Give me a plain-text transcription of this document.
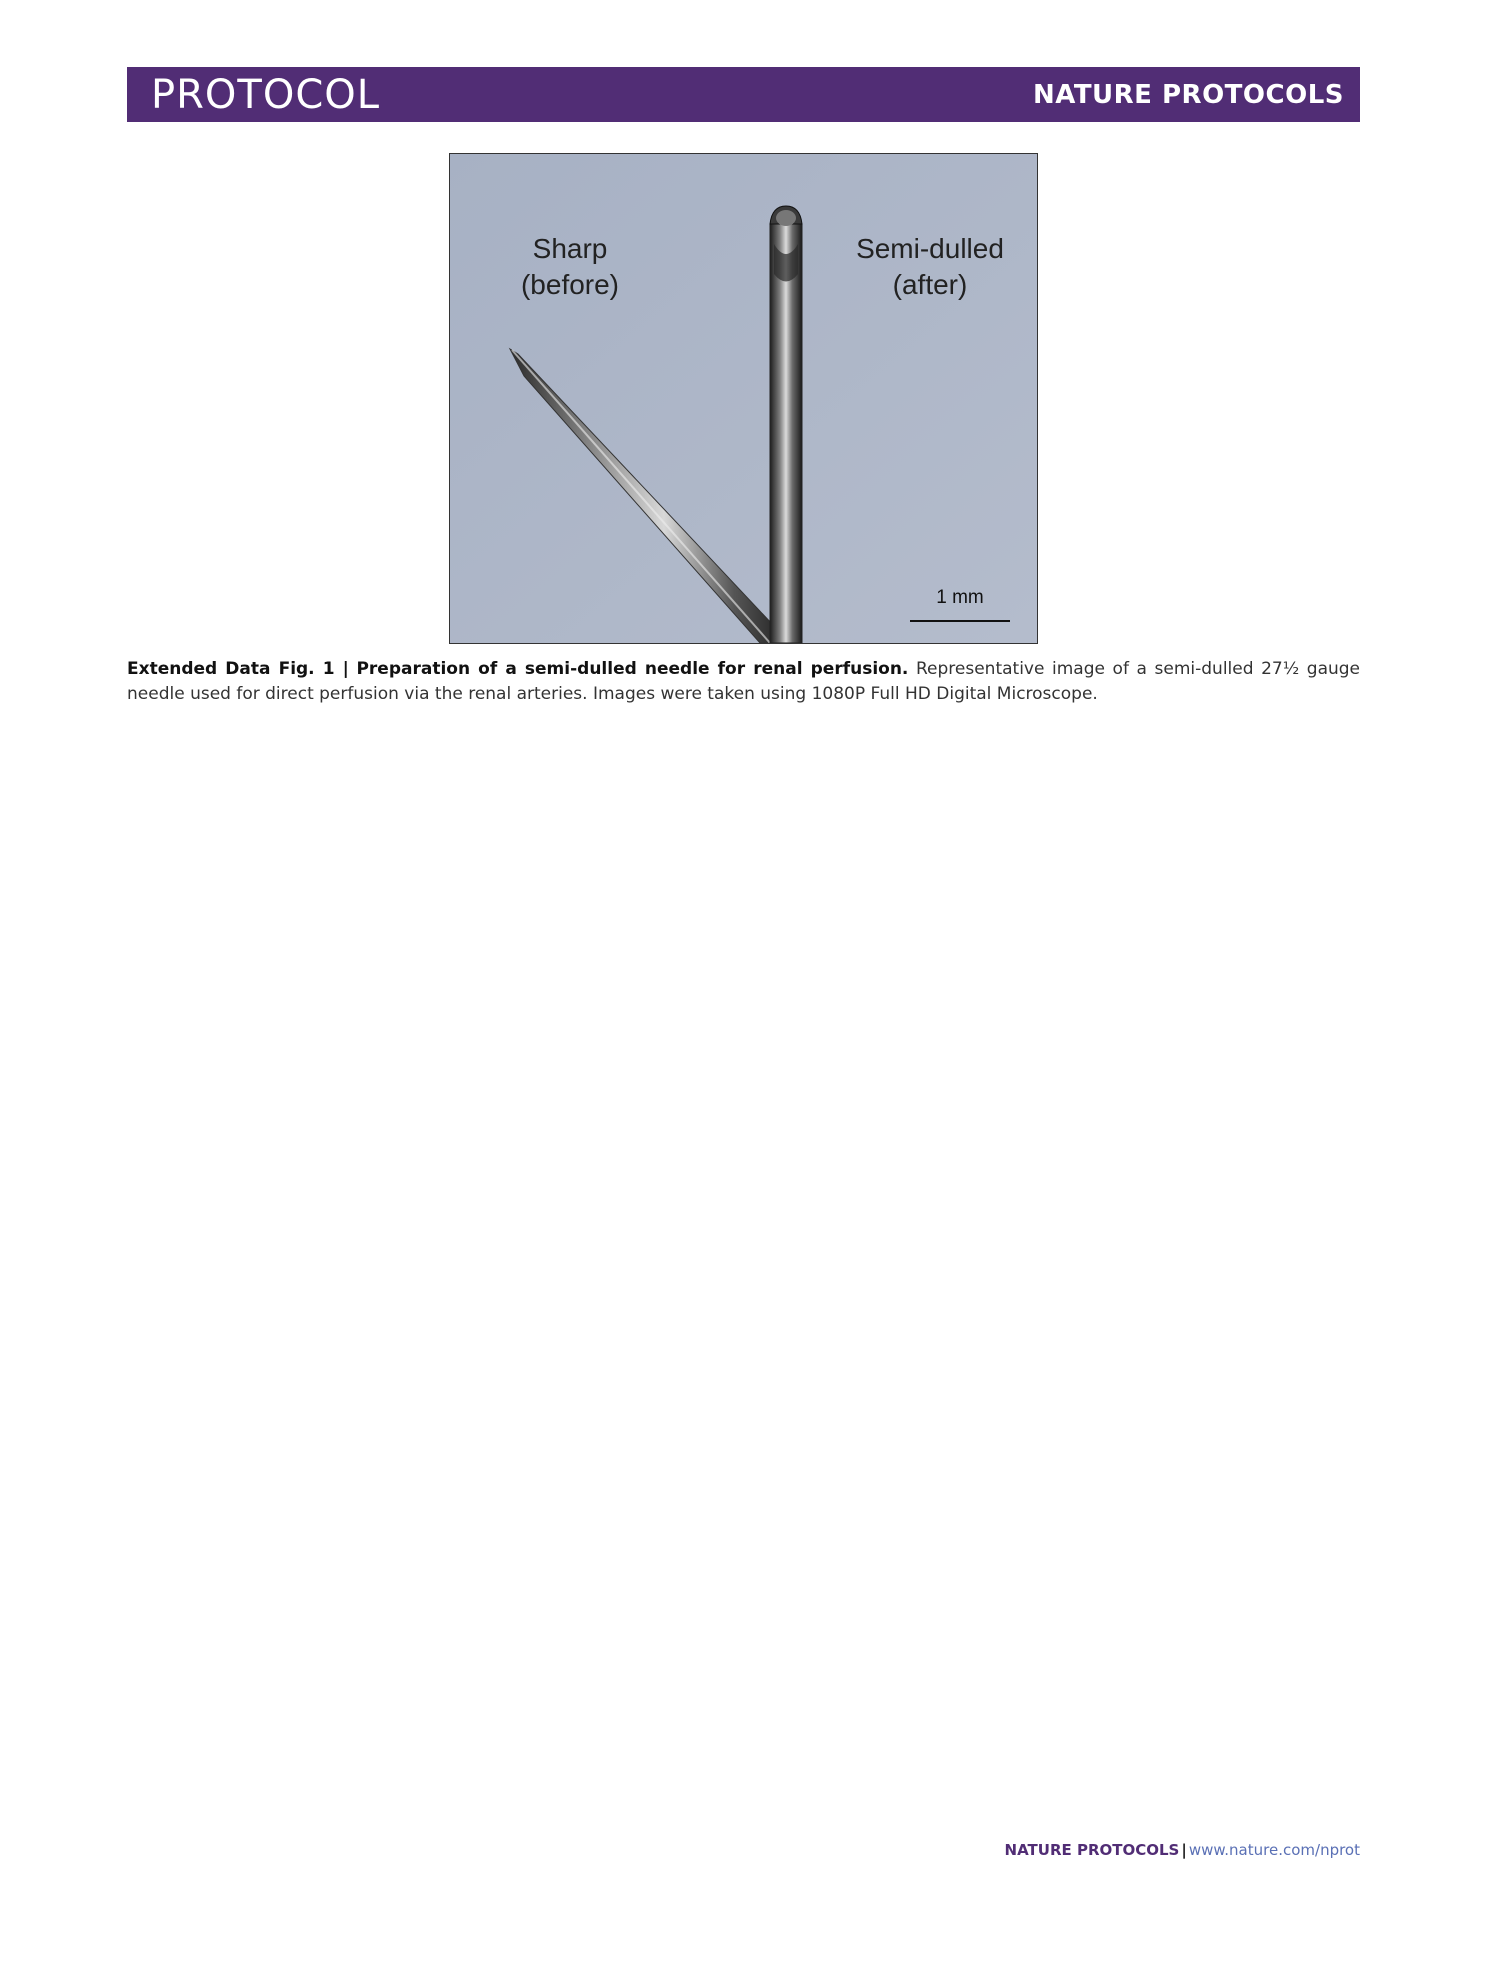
PROTOCOL	NATURE PROTOCOLS
Sharp
(before)
Semi-dulled
(after)
1 mm
Extended Data Fig. 1 | Preparation of a semi-dulled needle for renal perfusion. Representative image of a semi-dulled 27½ gauge needle used for direct perfusion via the renal arteries. Images were taken using 1080P Full HD Digital Microscope.
NATURE PROTOCOLS | www.nature.com/nprot
